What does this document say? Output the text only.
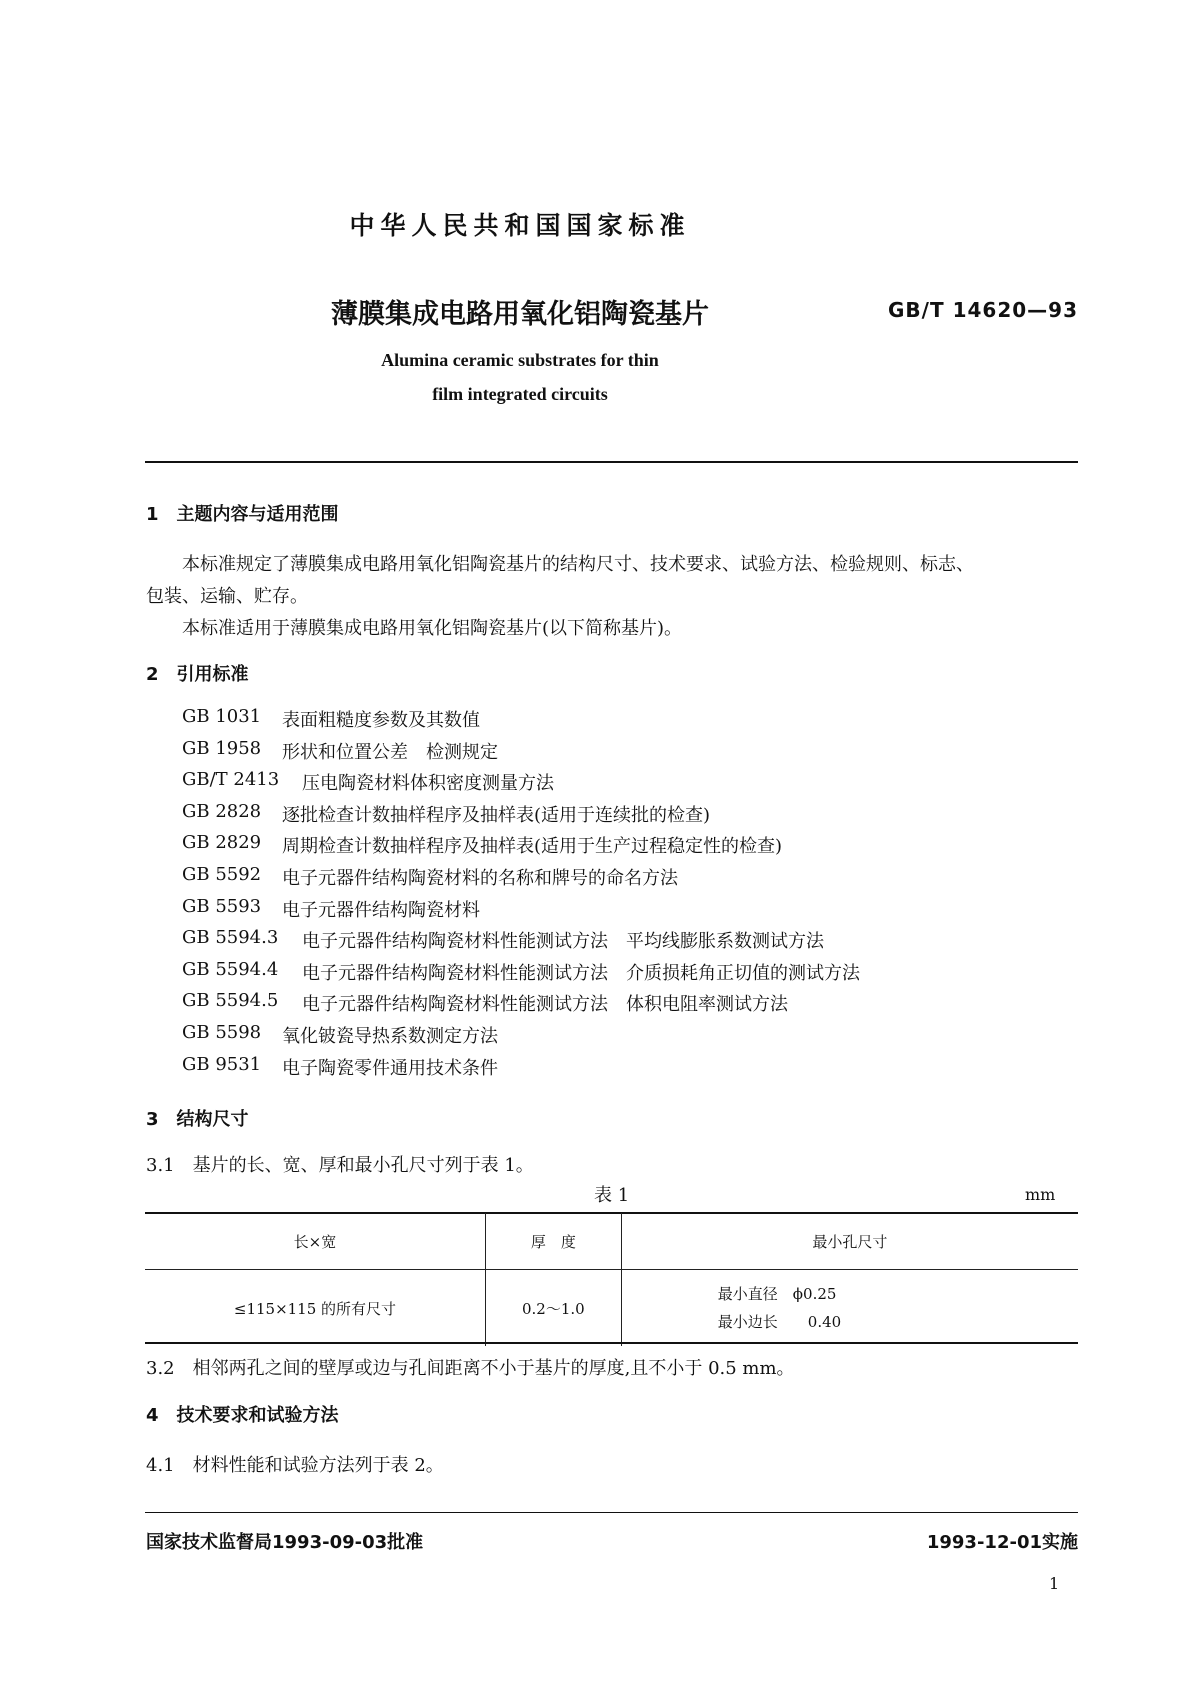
中华人民共和国国家标准
薄膜集成电路用氧化铝陶瓷基片	GB/T 14620—93
Alumina ceramic substrates for thin
film integrated circuits
1　主题内容与适用范围
本标准规定了薄膜集成电路用氧化铝陶瓷基片的结构尺寸、技术要求、试验方法、检验规则、标志、
包装、运输、贮存。
本标准适用于薄膜集成电路用氧化铝陶瓷基片(以下简称基片)。
2　引用标准
GB 1031 表面粗糙度参数及其数值
GB 1958 形状和位置公差　检测规定
GB/T 2413 压电陶瓷材料体积密度测量方法
GB 2828 逐批检查计数抽样程序及抽样表(适用于连续批的检查)
GB 2829 周期检查计数抽样程序及抽样表(适用于生产过程稳定性的检查)
GB 5592 电子元器件结构陶瓷材料的名称和牌号的命名方法
GB 5593 电子元器件结构陶瓷材料
GB 5594.3 电子元器件结构陶瓷材料性能测试方法　平均线膨胀系数测试方法
GB 5594.4 电子元器件结构陶瓷材料性能测试方法　介质损耗角正切值的测试方法
GB 5594.5 电子元器件结构陶瓷材料性能测试方法　体积电阻率测试方法
GB 5598 氧化铍瓷导热系数测定方法
GB 9531 电子陶瓷零件通用技术条件
3　结构尺寸
3.1　基片的长、宽、厚和最小孔尺寸列于表 1。
表 1	mm
长×宽	厚　度	最小孔尺寸
≤115×115 的所有尺寸	0.2～1.0	最小直径　ϕ0.25
最小边长　　0.40
3.2　相邻两孔之间的壁厚或边与孔间距离不小于基片的厚度,且不小于 0.5 mm。
4　技术要求和试验方法
4.1　材料性能和试验方法列于表 2。
国家技术监督局1993-09-03批准	1993-12-01实施
1
